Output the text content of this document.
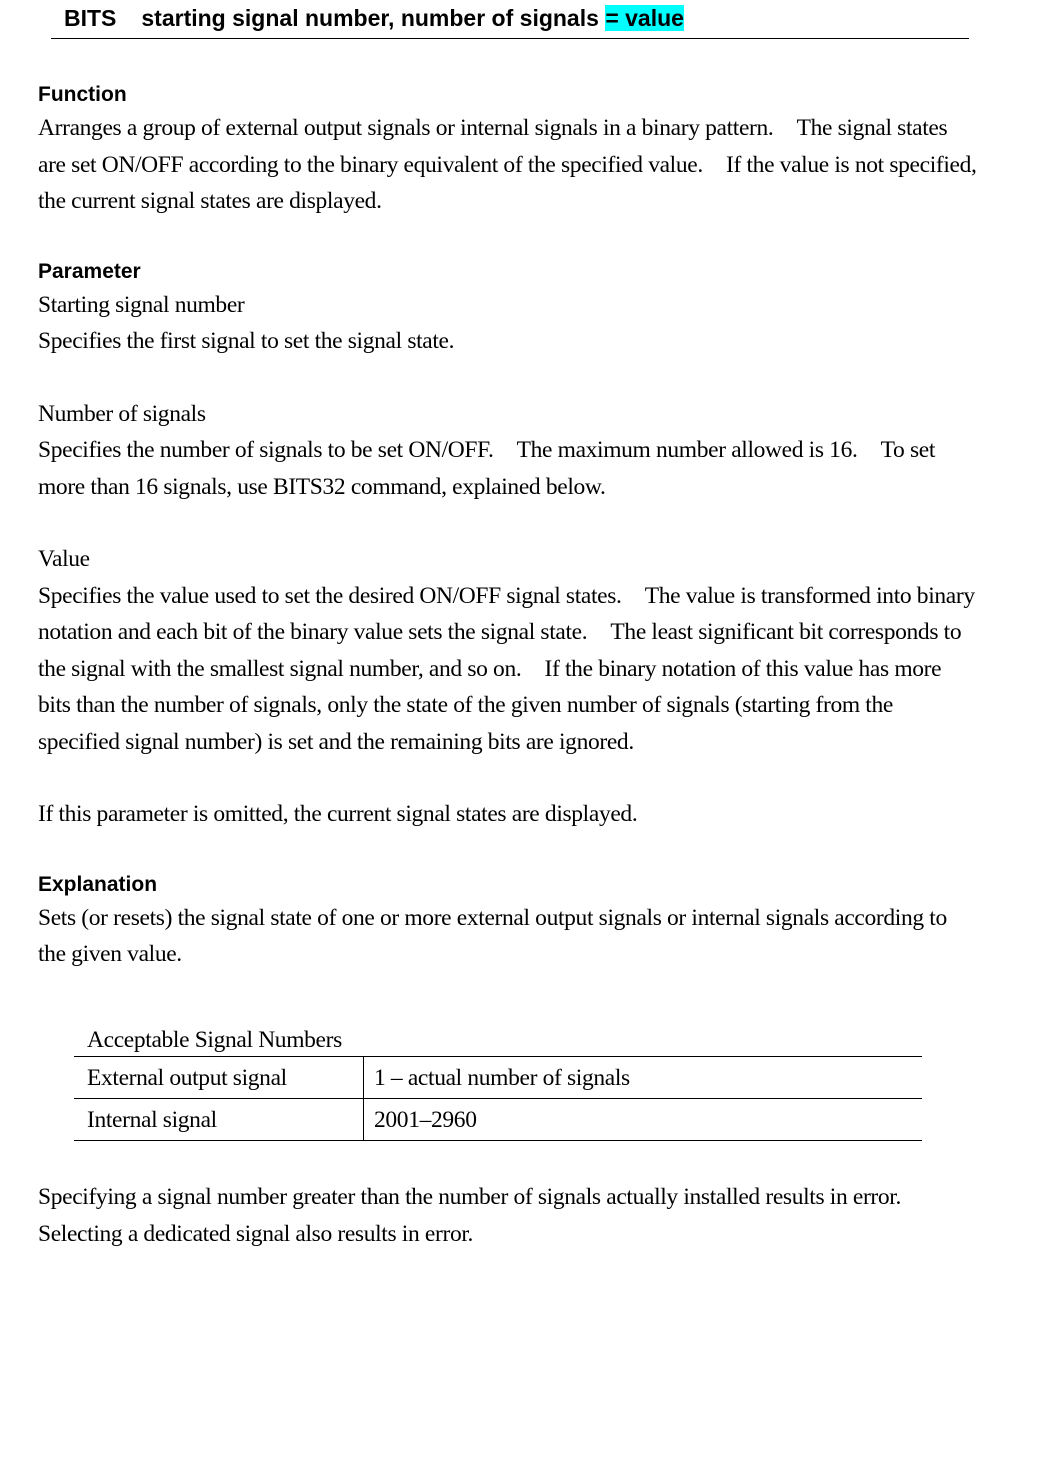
BITS starting signal number, number of signals = value

Function

Arranges a group of external output signals or internal signals in a binary pattern. The signal states are set ON/OFF according to the binary equivalent of the specified value. If the value is not specified, the current signal states are displayed.

Parameter

Starting signal number

Specifies the first signal to set the signal state.

Number of signals

Specifies the number of signals to be set ON/OFF. The maximum number allowed is 16. To set more than 16 signals, use BITS32 command, explained below.

Value

Specifies the value used to set the desired ON/OFF signal states. The value is transformed into binary notation and each bit of the binary value sets the signal state. The least significant bit corresponds to the signal with the smallest signal number, and so on. If the binary notation of this value has more bits than the number of signals, only the state of the given number of signals (starting from the specified signal number) is set and the remaining bits are ignored.

If this parameter is omitted, the current signal states are displayed.

Explanation

Sets (or resets) the signal state of one or more external output signals or internal signals according to the given value.

Acceptable Signal Numbers
External output signal	1 – actual number of signals
Internal signal	2001–2960

Specifying a signal number greater than the number of signals actually installed results in error.

Selecting a dedicated signal also results in error.
